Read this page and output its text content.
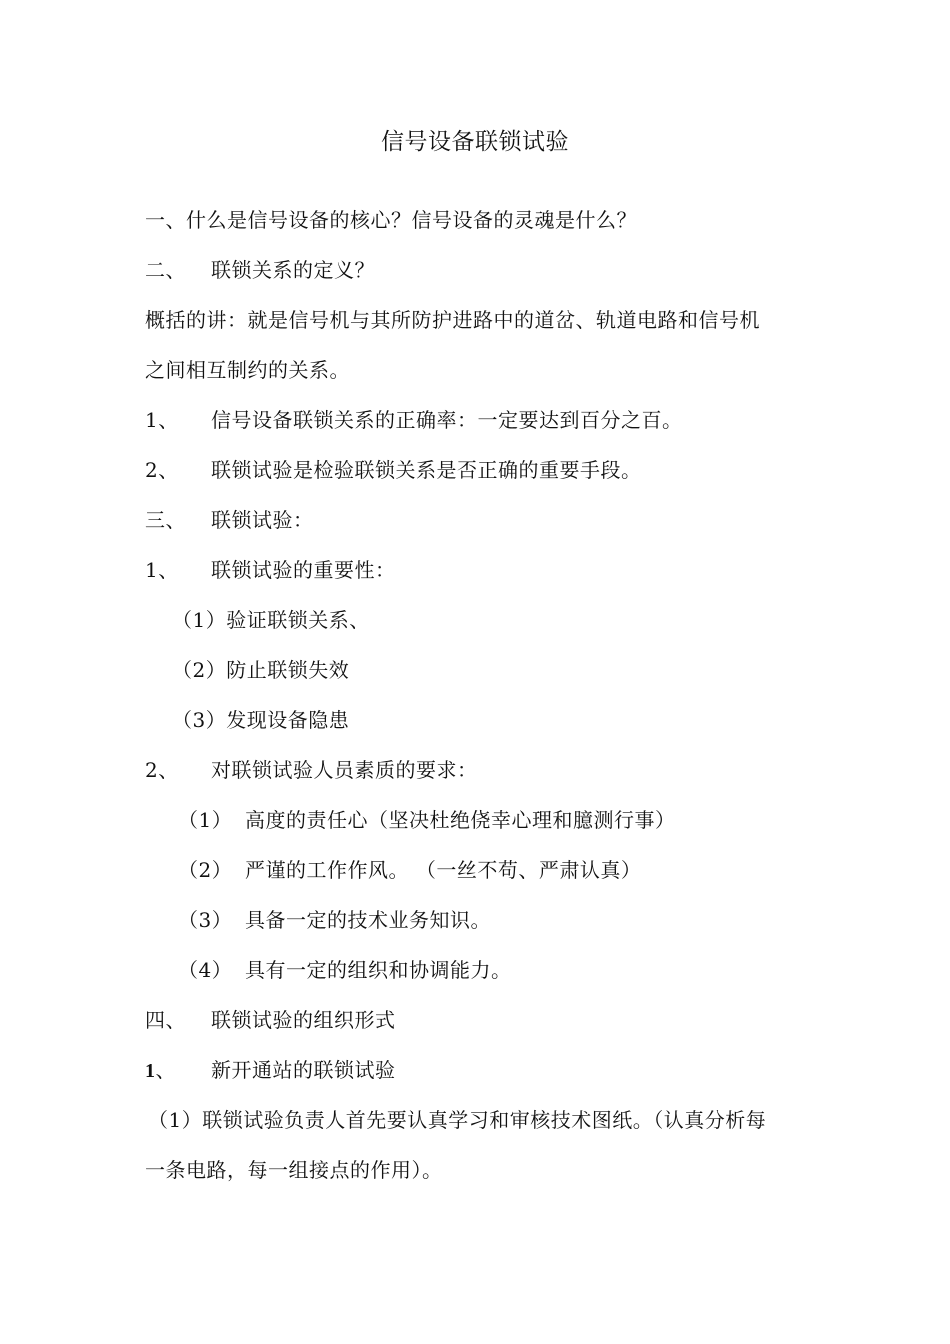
信号设备联锁试验
一、什么是信号设备的核心？信号设备的灵魂是什么？
二、 联锁关系的定义？
概括的讲：就是信号机与其所防护进路中的道岔、轨道电路和信号机
之间相互制约的关系。
1、 信号设备联锁关系的正确率：一定要达到百分之百。
2、 联锁试验是检验联锁关系是否正确的重要手段。
三、 联锁试验：
1、 联锁试验的重要性：
（1）验证联锁关系、
（2）防止联锁失效
（3）发现设备隐患
2、 对联锁试验人员素质的要求：
（1） 高度的责任心（坚决杜绝侥幸心理和臆测行事）
（2） 严谨的工作作风。 （一丝不苟、严肃认真）
（3） 具备一定的技术业务知识。
（4） 具有一定的组织和协调能力。
四、 联锁试验的组织形式
1、 新开通站的联锁试验
（1）联锁试验负责人首先要认真学习和审核技术图纸。（认真分析每
一条电路，每一组接点的作用）。
